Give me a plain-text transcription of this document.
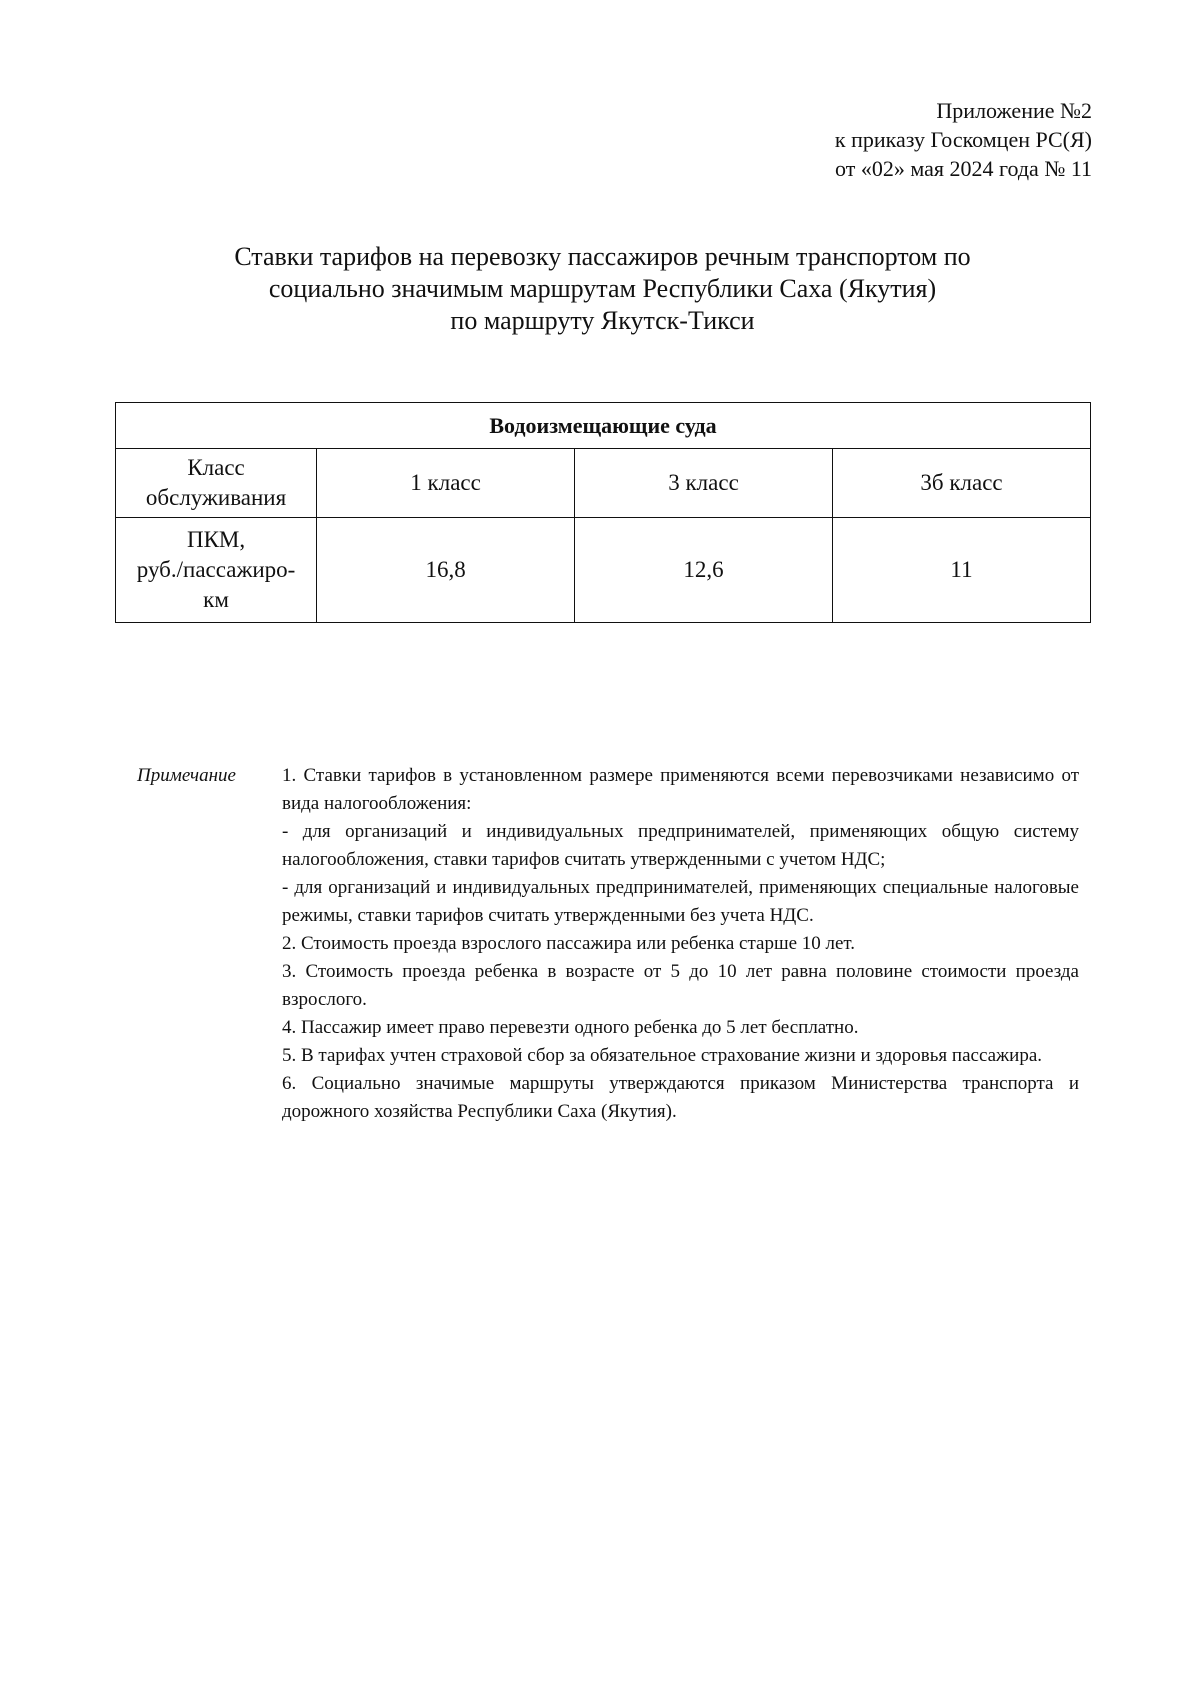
Приложение №2
к приказу Госкомцен РС(Я)
от «02» мая 2024 года № 11
Ставки тарифов на перевозку пассажиров речным транспортом по
социально значимым маршрутам Республики Саха (Якутия)
по маршруту Якутск-Тикси
Водоизмещающие суда			
Класс
обслуживания	1 класс	3 класс	3б класс
ПКМ,
руб./пассажиро-
км	16,8	12,6	11
Примечание 1. Ставки тарифов в установленном размере применяются всеми перевозчиками независимо от вида налогообложения:

- для организаций и индивидуальных предпринимателей, применяющих общую систему налогообложения, ставки тарифов считать утвержденными с учетом НДС;

- для организаций и индивидуальных предпринимателей, применяющих специальные налоговые режимы, ставки тарифов считать утвержденными без учета НДС.

2. Стоимость проезда взрослого пассажира или ребенка старше 10 лет.

3. Стоимость проезда ребенка в возрасте от 5 до 10 лет равна половине стоимости проезда взрослого.

4. Пассажир имеет право перевезти одного ребенка до 5 лет бесплатно.

5. В тарифах учтен страховой сбор за обязательное страхование жизни и здоровья пассажира.

6. Социально значимые маршруты утверждаются приказом Министерства транспорта и дорожного хозяйства Республики Саха (Якутия).
